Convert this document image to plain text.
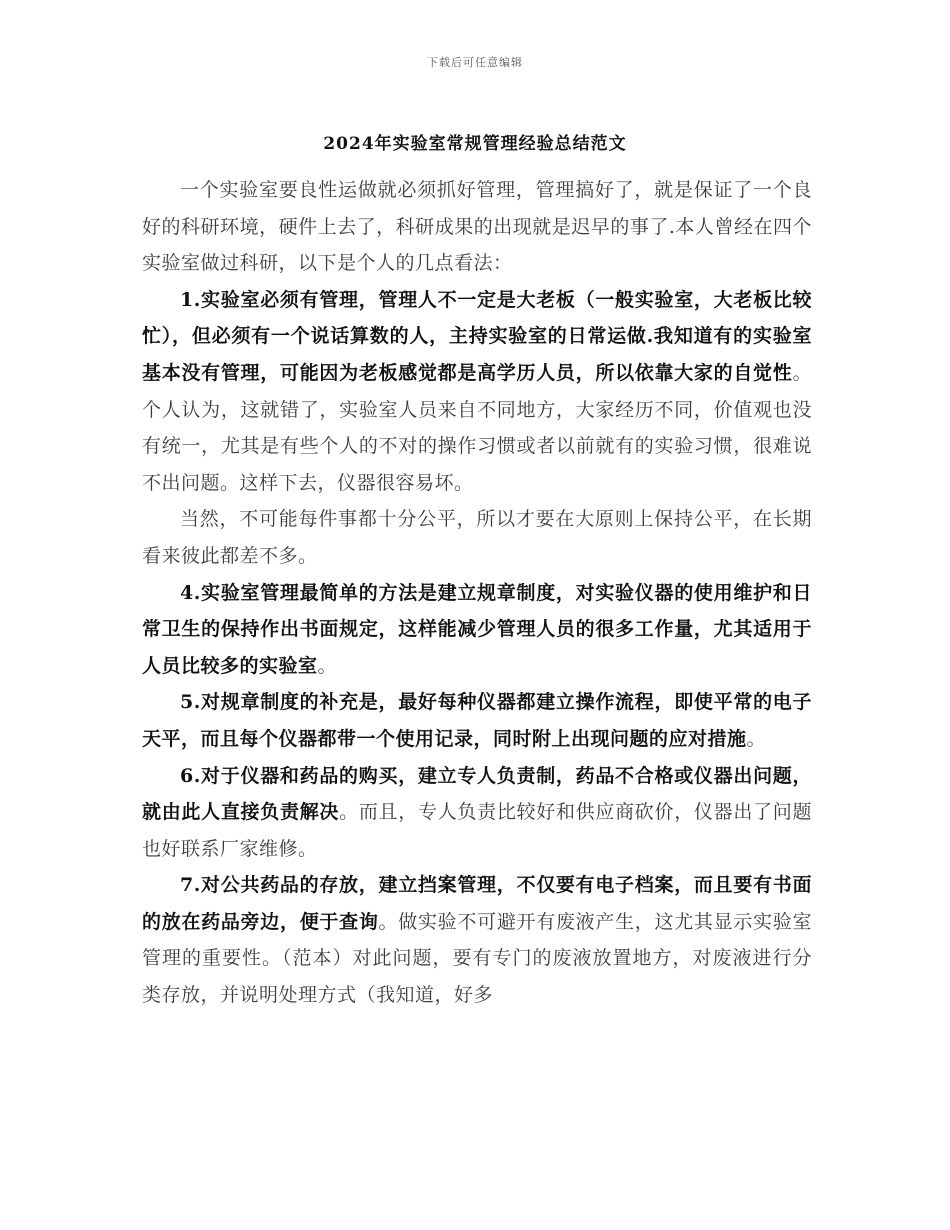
下载后可任意编辑
2024年实验室常规管理经验总结范文

一个实验室要良性运做就必须抓好管理，管理搞好了，就是保证了一个良好的科研环境，硬件上去了，科研成果的出现就是迟早的事了.本人曾经在四个实验室做过科研，以下是个人的几点看法：

1.实验室必须有管理，管理人不一定是大老板（一般实验室，大老板比较忙），但必须有一个说话算数的人，主持实验室的日常运做.我知道有的实验室基本没有管理，可能因为老板感觉都是高学历人员，所以依靠大家的自觉性。个人认为，这就错了，实验室人员来自不同地方，大家经历不同，价值观也没有统一，尤其是有些个人的不对的操作习惯或者以前就有的实验习惯，很难说不出问题。这样下去，仪器很容易坏。

当然，不可能每件事都十分公平，所以才要在大原则上保持公平，在长期看来彼此都差不多。

4.实验室管理最简单的方法是建立规章制度，对实验仪器的使用维护和日常卫生的保持作出书面规定，这样能减少管理人员的很多工作量，尤其适用于人员比较多的实验室。

5.对规章制度的补充是，最好每种仪器都建立操作流程，即使平常的电子天平，而且每个仪器都带一个使用记录，同时附上出现问题的应对措施。

6.对于仪器和药品的购买，建立专人负责制，药品不合格或仪器出问题，就由此人直接负责解决。而且，专人负责比较好和供应商砍价，仪器出了问题也好联系厂家维修。

7.对公共药品的存放，建立挡案管理，不仅要有电子档案，而且要有书面的放在药品旁边，便于查询。做实验不可避开有废液产生，这尤其显示实验室管理的重要性。（范本）对此问题，要有专门的废液放置地方，对废液进行分类存放，并说明处理方式（我知道，好多
